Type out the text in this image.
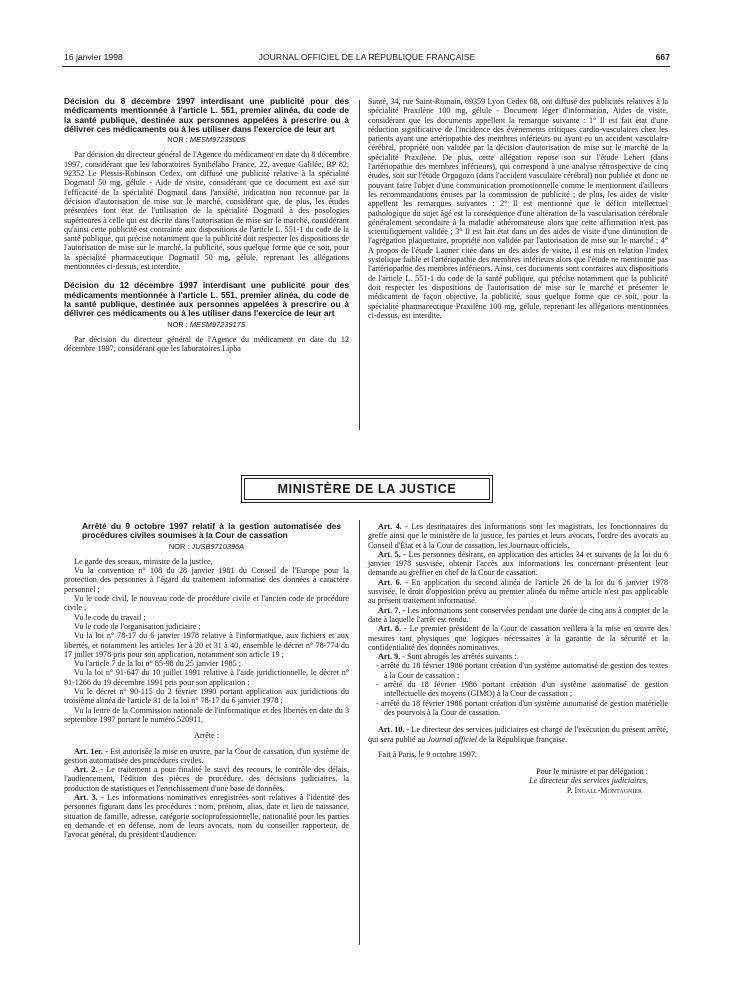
16 janvier 1998	JOURNAL OFFICIEL DE LA RÉPUBLIQUE FRANÇAISE	667

Décision du 8 décembre 1997 interdisant une publicité pour des médicaments mentionnée à l'article L. 551, premier alinéa, du code de la santé publique, destinée aux personnes appelées à prescrire ou à délivrer ces médicaments ou à les utiliser dans l'exercice de leur art

NOR : MESM9723900S

Par décision du directeur général de l'Agence du médicament en date du 8 décembre 1997, considérant que les laboratoires Synthélabo France, 22, avenue Galilée, BP 82, 92352 Le Plessis-Robinson Cedex, ont diffusé une publicité relative à la spécialité Dogmatil 50 mg, gélule - Aide de visite, considérant que ce document est axé sur l'efficacité de la spécialité Dogmatil dans l'anxiété, indication non reconnue par la décision d'autorisation de mise sur le marché, considérant que, de plus, les études présentées font état de l'utilisation de la spécialité Dogmatil à des posologies supérieures à celle qui est décrite dans l'autorisation de mise sur le marché, considérant qu'ainsi cette publicité est contrainte aux dispositions de l'article L. 551-1 du code de la santé publique, qui précise notamment que la publicité doit respecter les dispositions de l'autorisation de mise sur le marché, la publicité, sous quelque forme que ce soit, pour la spécialité pharmaceutique Dogmatil 50 mg, gélule, reprenant les allégations mentionnées ci-dessus, est interdite.

Décision du 12 décembre 1997 interdisant une publicité pour des médicaments mentionnée à l'article L. 551, premier alinéa, du code de la santé publique, destinée aux personnes appelées à prescrire ou à délivrer ces médicaments ou à les utiliser dans l'exercice de leur art

NOR : MESM9723917S

Par décision du directeur général de l'Agence du médicament en date du 12 décembre 1997, considérant que les laboratoires Lipha

Santé, 34, rue Saint-Romain, 69359 Lyon Cedex 08, ont diffusé des publicités relatives à la spécialité Praxilène 100 mg, gélule - Document léger d'information, Aides de visite, considérant que les documents appellent la remarque suivante : 1° Il est fait état d'une réduction significative de l'incidence des événements critiques cardio-vasculaires chez les patients ayant une artériopathie des membres inférieurs ou ayant eu un accident vasculaire cérébral, propriété non validée par la décision d'autorisation de mise sur le marché de la spécialité Praxilène. De plus, cette allégation repose soit sur l'étude Lehert (dans l'artériopathie des membres inférieurs), qui correspond à une analyse rétrospective de cinq études, soit sur l'étude Orgogozo (dans l'accident vasculaire cérébral) non publiée et donc ne pouvant faire l'objet d'une communication promotionnelle comme le mentionnent d'ailleurs les recommandations émises par la commission de publicité ; de plus, les aides de visite appellent les remarques suivantes : 2° Il est mentionné que le déficit intellectuel pathologique du sujet âgé est la conséquence d'une altération de la vascularisation cérébrale généralement secondaire à la maladie athéromateuse alors que cette affirmation n'est pas scientifiquement validée ; 3° Il est fait état dans un des aides de visite d'une diminution de l'agrégation plaquettaire, propriété non validée par l'autorisation de mise sur le marché ; 4° A propos de l'étude Launer citée dans un des aides de visite, il est mis en relation l'index systolique faible et l'artériopathie des membres inférieurs alors que l'étude ne mentionne pas l'artériopathie des membres inférieurs. Ainsi, ces documents sont contraires aux dispositions de l'article L. 551-1 du code de la santé publique, qui précise notamment que la publicité doit respecter les dispositions de l'autorisation de mise sur le marché et présenter le médicament de façon objective, la publicité, sous quelque forme que ce soit, pour la spécialité pharmaceutique Praxilène 100 mg, gélule, reprenant les allégations mentionnées ci-dessus, est interdite.

MINISTÈRE DE LA JUSTICE

Arrêté du 9 octobre 1997 relatif à la gestion automatisée des procédures civiles soumises à la Cour de cassation

NOR : JUSB9710396A

Le garde des sceaux, ministre de la justice,

Vu la convention n° 108 du 28 janvier 1981 du Conseil de l'Europe pour la protection des personnes à l'égard du traitement informatisé des données à caractère personnel ;

Vu le code civil, le nouveau code de procédure civile et l'ancien code de procédure civile ;

Vu le code du travail ;

Vu le code de l'organisation judiciaire ;

Vu la loi n° 78-17 du 6 janvier 1978 relative à l'informatique, aux fichiers et aux libertés, et notamment les articles 1er à 20 et 31 à 40, ensemble le décret n° 78-774 du 17 juillet 1978 pris pour son application, notamment son article 19 ;

Vu l'article 7 de la loi n° 85-98 du 25 janvier 1985 ;

Vu la loi n° 91-647 du 10 juillet 1991 relative à l'aide juridictionnelle, le décret n° 91-1266 du 19 décembre 1991 pris pour son application ;

Vu le décret n° 90-115 du 2 février 1990 portant application aux juridictions du troisième alinéa de l'article 31 de la loi n° 78-17 du 6 janvier 1978 ;

Vu la lettre de la Commission nationale de l'informatique et des libertés en date du 3 septembre 1997 portant le numéro 520911,

Arrête :

Art. 1er. - Est autorisée la mise en œuvre, par la Cour de cassation, d'un système de gestion automatisée des procédures civiles.

Art. 2. - Le traitement a pour finalité le suivi des recours, le contrôle des délais, l'audiencement, l'édition des pièces de procédure, des décisions judiciaires, la production de statistiques et l'enrichissement d'une base de données.

Art. 3. - Les informations nominatives enregistrées sont relatives à l'identité des personnes figurant dans les procédures : nom, prénom, alias, date et lieu de naissance, situation de famille, adresse, catégorie socioprofessionnelle, nationalité pour les parties en demande et en défense, nom de leurs avocats, nom du conseiller rapporteur, de l'avocat général, du président d'audience.

Art. 4. - Les destinataires des informations sont les magistrats, les fonctionnaires du greffe ainsi que le ministère de la justice, les parties et leurs avocats, l'ordre des avocats au Conseil d'État et à la Cour de cassation, les Journaux officiels.

Art. 5. - Les personnes désirant, en application des articles 34 et suivants de la loi du 6 janvier 1978 susvisée, obtenir l'accès aux informations les concernant présentent leur demande au greffier en chef de la Cour de cassation.

Art. 6. - En application du second alinéa de l'article 26 de la loi du 6 janvier 1978 susvisée, le droit d'opposition prévu au premier alinéa du même article n'est pas applicable au présent traitement informatisé.

Art. 7. - Les informations sont conservées pendant une durée de cinq ans à compter de la date à laquelle l'arrêt est rendu.

Art. 8. - Le premier président de la Cour de cassation veillera à la mise en œuvre des mesures tant physiques que logiques nécessaires à la garantie de la sécurité et la confidentialité des données nominatives.

Art. 9. - Sont abrogés les arrêtés suivants :

- arrêté du 18 février 1986 portant création d'un système automatisé de gestion des textes à la Cour de cassation ;

- arrêté du 18 février 1986 portant création d'un système automatisé de gestion intellectuelle des moyens (GIMO) à la Cour de cassation ;

- arrêté du 18 février 1986 portant création d'un système automatisé de gestion matérielle des pourvois à la Cour de cassation.

Art. 10. - Le directeur des services judiciaires est chargé de l'exécution du présent arrêté, qui sera publié au Journal officiel de la République française.

Fait à Paris, le 9 octobre 1997.

Pour le ministre et par délégation :
Le directeur des services judiciaires,
P. Ingall-Montagnier
